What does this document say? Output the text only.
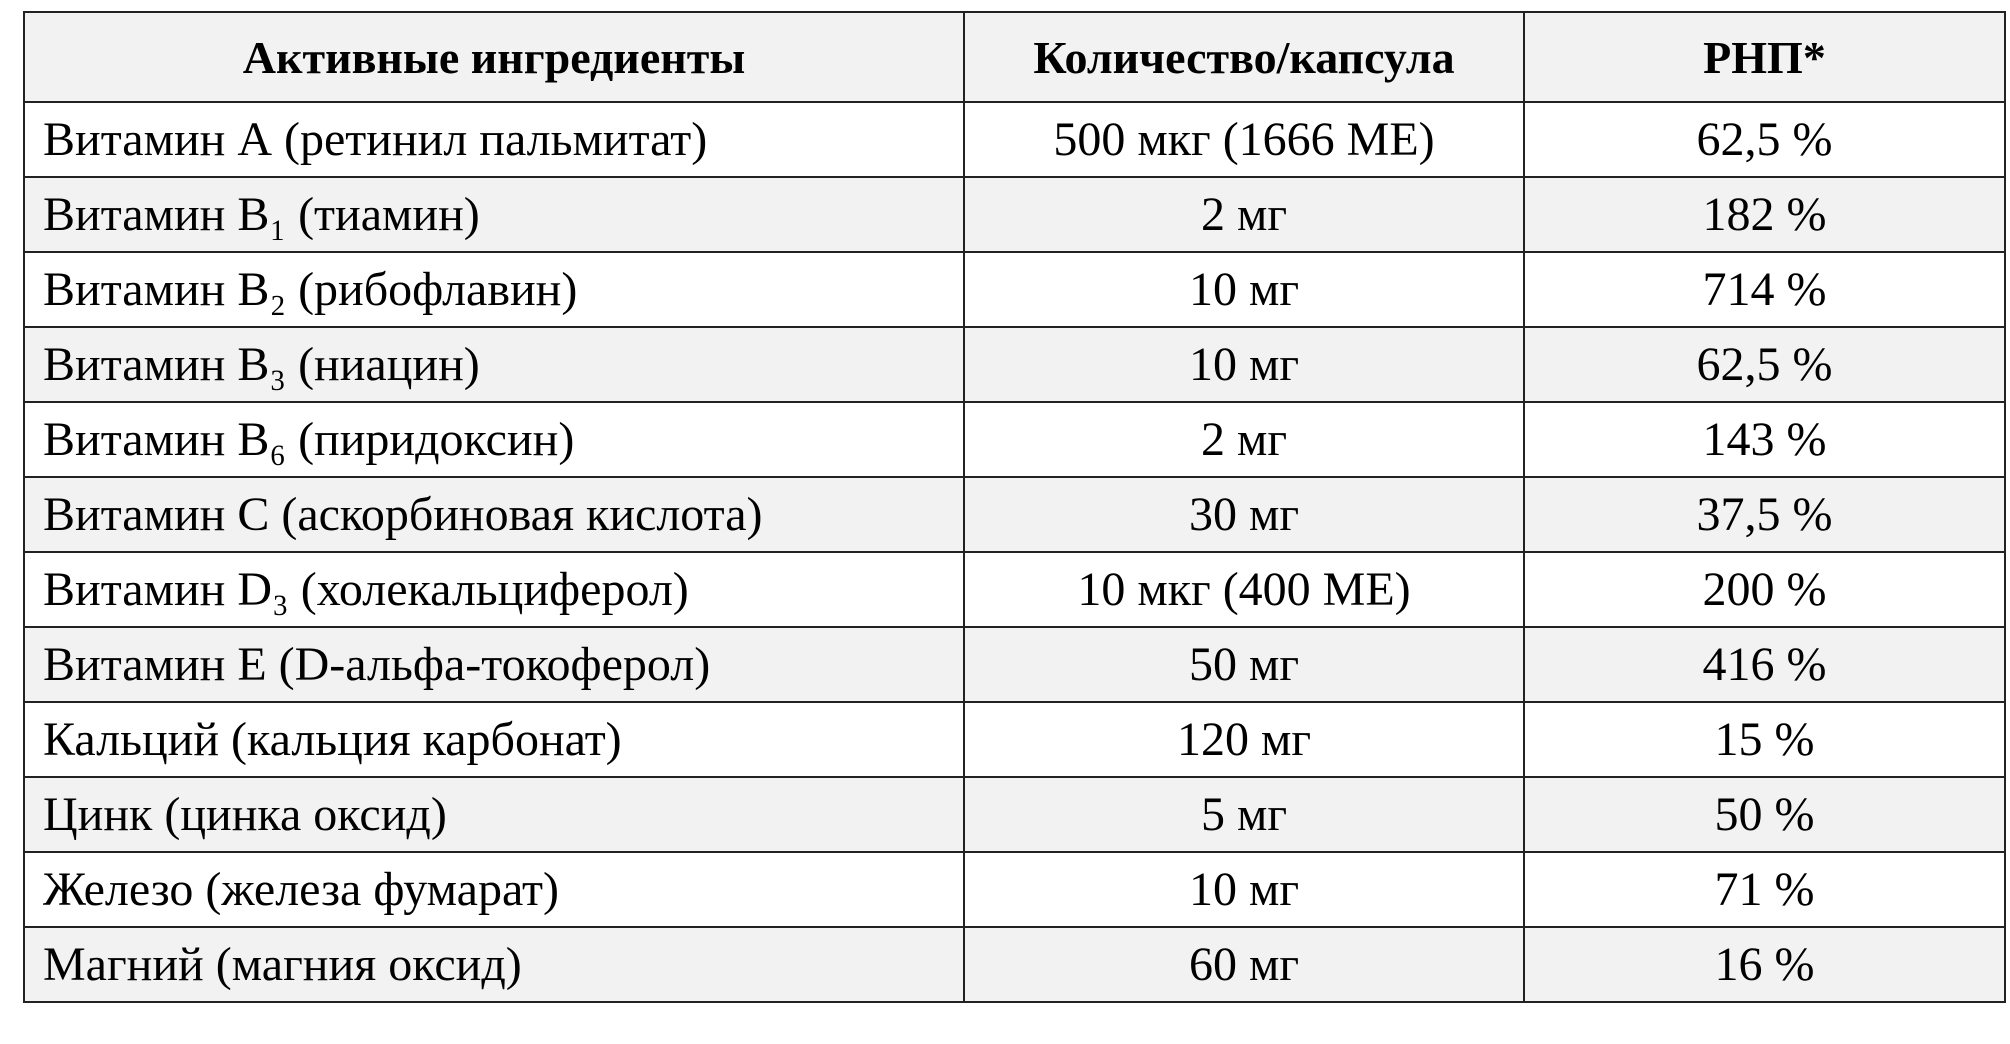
Активные ингредиенты	Количество/капсула	РНП*
Витамин А (ретинил пальмитат)	500 мкг (1666 МЕ)	62,5 %
Витамин В₁ (тиамин)	2 мг	182 %
Витамин В₂ (рибофлавин)	10 мг	714 %
Витамин В₃ (ниацин)	10 мг	62,5 %
Витамин В₆ (пиридоксин)	2 мг	143 %
Витамин С (аскорбиновая кислота)	30 мг	37,5 %
Витамин D₃ (холекальциферол)	10 мкг (400 МЕ)	200 %
Витамин Е (D-альфа-токоферол)	50 мг	416 %
Кальций (кальция карбонат)	120 мг	15 %
Цинк (цинка оксид)	5 мг	50 %
Железо (железа фумарат)	10 мг	71 %
Магний (магния оксид)	60 мг	16 %
